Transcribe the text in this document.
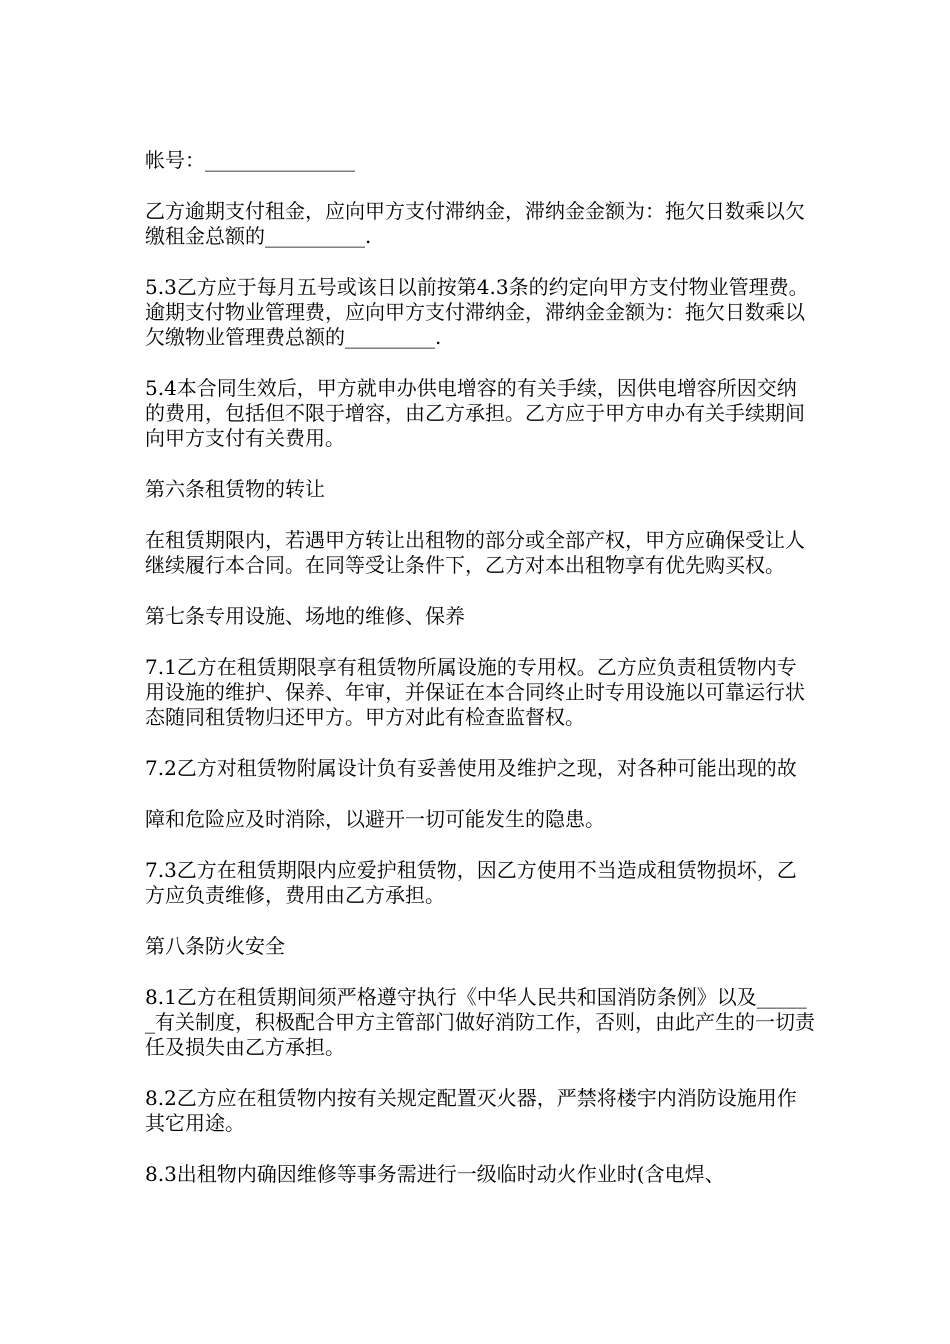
帐号：_______________

乙方逾期支付租金，应向甲方支付滞纳金，滞纳金金额为：拖欠日数乘以欠缴租金总额的__________.

5.3乙方应于每月五号或该日以前按第4.3条的约定向甲方支付物业管理费。逾期支付物业管理费，应向甲方支付滞纳金，滞纳金金额为：拖欠日数乘以欠缴物业管理费总额的_________.

5.4本合同生效后，甲方就申办供电增容的有关手续，因供电增容所因交纳的费用，包括但不限于增容，由乙方承担。乙方应于甲方申办有关手续期间向甲方支付有关费用。

第六条租赁物的转让

在租赁期限内，若遇甲方转让出租物的部分或全部产权，甲方应确保受让人继续履行本合同。在同等受让条件下，乙方对本出租物享有优先购买权。

第七条专用设施、场地的维修、保养

7.1乙方在租赁期限享有租赁物所属设施的专用权。乙方应负责租赁物内专用设施的维护、保养、年审，并保证在本合同终止时专用设施以可靠运行状态随同租赁物归还甲方。甲方对此有检查监督权。

7.2乙方对租赁物附属设计负有妥善使用及维护之现，对各种可能出现的故

障和危险应及时消除，以避开一切可能发生的隐患。

7.3乙方在租赁期限内应爱护租赁物，因乙方使用不当造成租赁物损坏，乙方应负责维修，费用由乙方承担。

第八条防火安全

8.1乙方在租赁期间须严格遵守执行《中华人民共和国消防条例》以及______有关制度，积极配合甲方主管部门做好消防工作，否则，由此产生的一切责任及损失由乙方承担。

8.2乙方应在租赁物内按有关规定配置灭火器，严禁将楼宇内消防设施用作其它用途。

8.3出租物内确因维修等事务需进行一级临时动火作业时(含电焊、
